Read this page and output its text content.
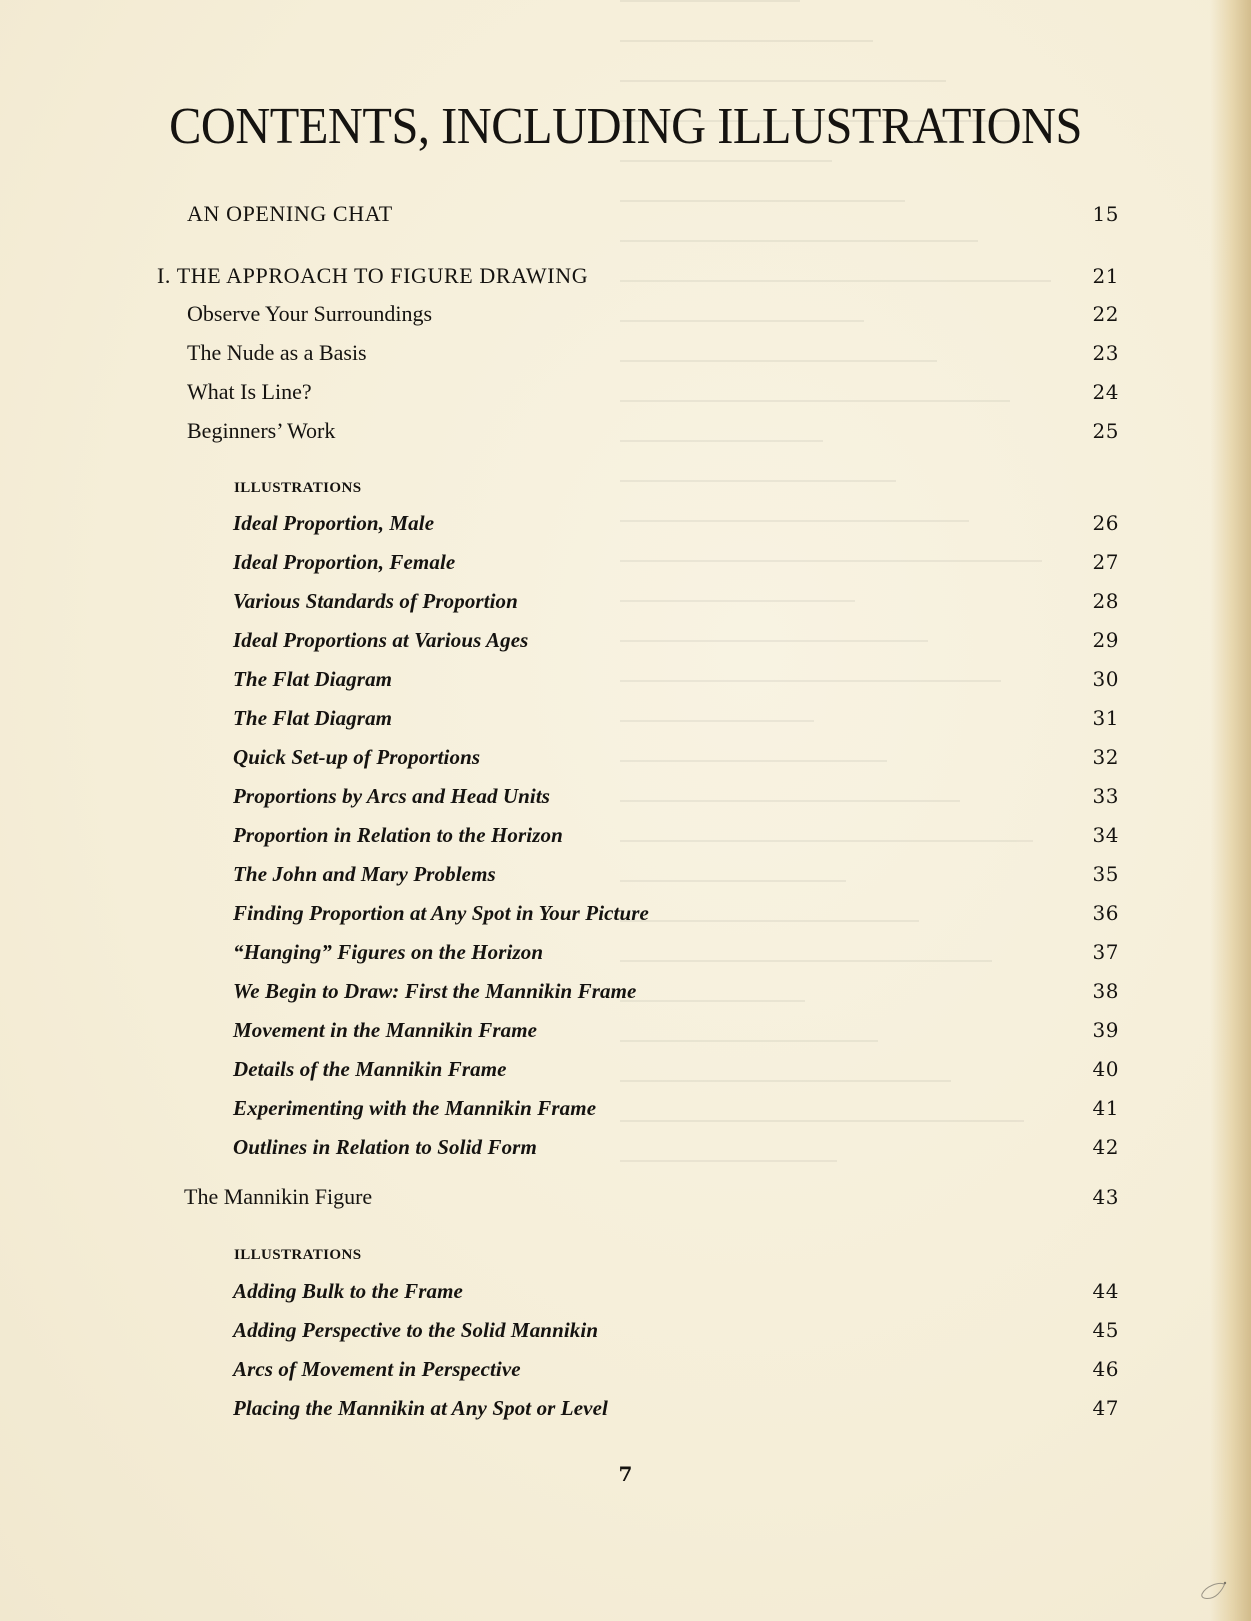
CONTENTS, INCLUDING ILLUSTRATIONS
AN OPENING CHAT	15
I. THE APPROACH TO FIGURE DRAWING	21
Observe Your Surroundings	22
The Nude as a Basis	23
What Is Line?	24
Beginners’ Work	25
ILLUSTRATIONS
Ideal Proportion, Male	26
Ideal Proportion, Female	27
Various Standards of Proportion	28
Ideal Proportions at Various Ages	29
The Flat Diagram	30
The Flat Diagram	31
Quick Set-up of Proportions	32
Proportions by Arcs and Head Units	33
Proportion in Relation to the Horizon	34
The John and Mary Problems	35
Finding Proportion at Any Spot in Your Picture	36
“Hanging” Figures on the Horizon	37
We Begin to Draw: First the Mannikin Frame	38
Movement in the Mannikin Frame	39
Details of the Mannikin Frame	40
Experimenting with the Mannikin Frame	41
Outlines in Relation to Solid Form	42
The Mannikin Figure	43
ILLUSTRATIONS
Adding Bulk to the Frame	44
Adding Perspective to the Solid Mannikin	45
Arcs of Movement in Perspective	46
Placing the Mannikin at Any Spot or Level	47
7
